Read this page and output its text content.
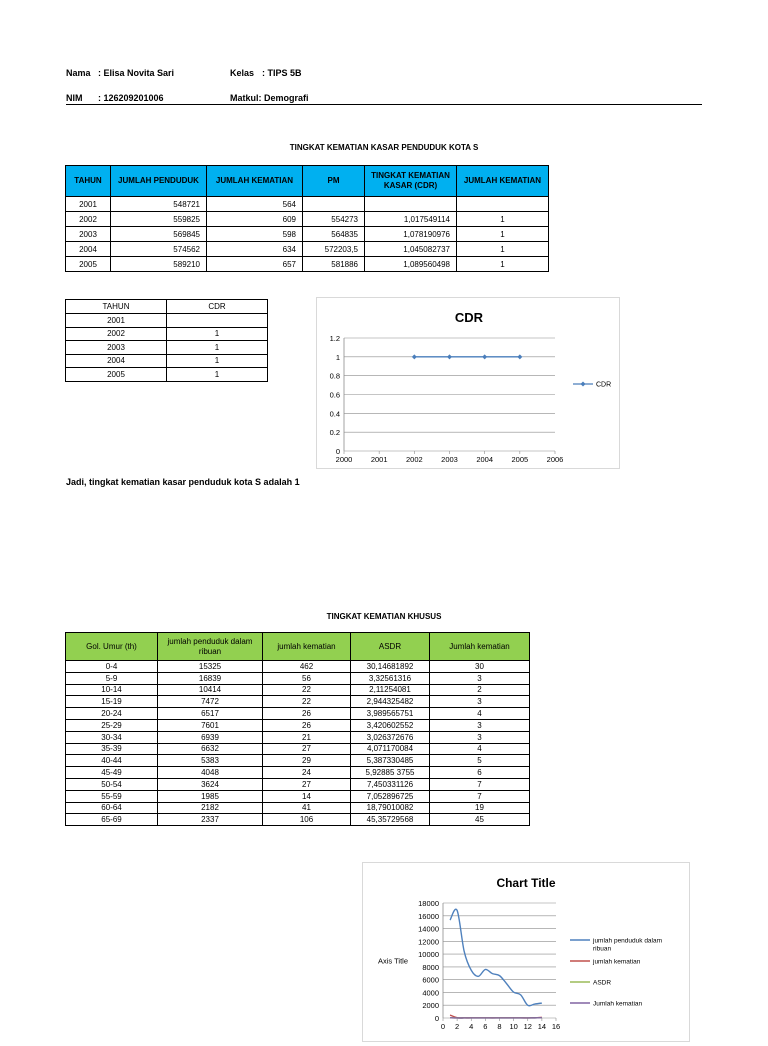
Nama : Elisa Novita Sari	Kelas : TIPS 5B
NIM : 126209201006	Matkul: Demografi
TINGKAT KEMATIAN KASAR PENDUDUK KOTA S
TAHUN	JUMLAH PENDUDUK	JUMLAH KEMATIAN	PM	TINGKAT KEMATIAN KASAR (CDR)	JUMLAH KEMATIAN
2001	548721	564			
2002	559825	609	554273	1,017549114	1
2003	569845	598	564835	1,078190976	1
2004	574562	634	572203,5	1,045082737	1
2005	589210	657	581886	1,089560498	1
TAHUN	CDR
2001	
2002	1
2003	1
2004	1
2005	1
CDR
0
0.2
0.4
0.6
0.8
1
1.2
2000 2001 2002 2003 2004 2005 2006
CDR
Jadi, tingkat kematian kasar penduduk kota S adalah 1
TINGKAT KEMATIAN KHUSUS
Gol. Umur (th)	jumlah penduduk dalam ribuan	jumlah kematian	ASDR	Jumlah kematian
0-4	15325	462	30,14681892	30
5-9	16839	56	3,32561316	3
10-14	10414	22	2,11254081	2
15-19	7472	22	2,944325482	3
20-24	6517	26	3,989565751	4
25-29	7601	26	3,420602552	3
30-34	6939	21	3,026372676	3
35-39	6632	27	4,071170084	4
40-44	5383	29	5,387330485	5
45-49	4048	24	5,92885 3755	6
50-54	3624	27	7,450331126	7
55-59	1985	14	7,052896725	7
60-64	2182	41	18,79010082	19
65-69	2337	106	45,35729568	45
Chart Title
0
2000
4000
6000
8000
10000
12000
14000
16000
18000
0 2 4 6 8 10 12 14 16
Axis Title
jumlah penduduk dalam ribuan
jumlah kematian
ASDR
Jumlah kematian
